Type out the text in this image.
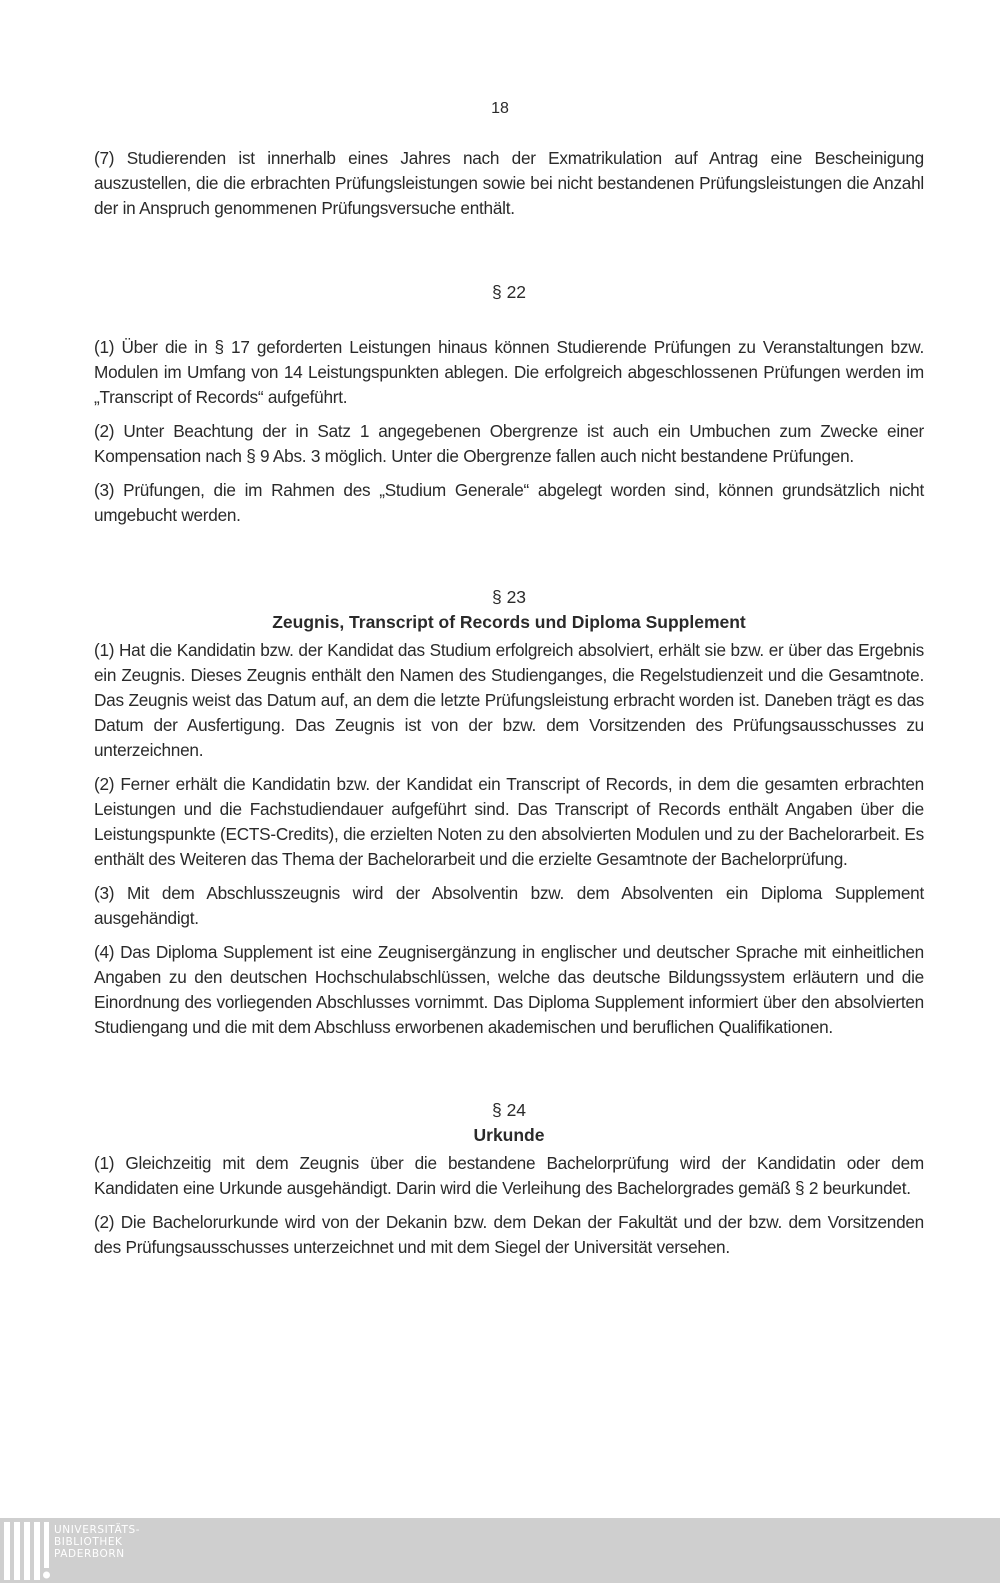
18

(7) Studierenden ist innerhalb eines Jahres nach der Exmatrikulation auf Antrag eine Bescheinigung auszustellen, die die erbrachten Prüfungsleistungen sowie bei nicht bestandenen Prüfungsleistungen die Anzahl der in Anspruch genommenen Prüfungsversuche enthält.

§ 22

(1) Über die in § 17 geforderten Leistungen hinaus können Studierende Prüfungen zu Veranstaltungen bzw. Modulen im Umfang von 14 Leistungspunkten ablegen. Die erfolgreich abgeschlossenen Prüfungen werden im „Transcript of Records“ aufgeführt.

(2) Unter Beachtung der in Satz 1 angegebenen Obergrenze ist auch ein Umbuchen zum Zwecke einer Kompensation nach § 9 Abs. 3 möglich. Unter die Obergrenze fallen auch nicht bestandene Prüfungen.

(3) Prüfungen, die im Rahmen des „Studium Generale“ abgelegt worden sind, können grundsätzlich nicht umgebucht werden.

§ 23

Zeugnis, Transcript of Records und Diploma Supplement

(1) Hat die Kandidatin bzw. der Kandidat das Studium erfolgreich absolviert, erhält sie bzw. er über das Ergebnis ein Zeugnis. Dieses Zeugnis enthält den Namen des Studienganges, die Regelstudienzeit und die Gesamtnote. Das Zeugnis weist das Datum auf, an dem die letzte Prüfungsleistung erbracht worden ist. Daneben trägt es das Datum der Ausfertigung. Das Zeugnis ist von der bzw. dem Vorsitzenden des Prüfungsausschusses zu unterzeichnen.

(2) Ferner erhält die Kandidatin bzw. der Kandidat ein Transcript of Records, in dem die gesamten erbrachten Leistungen und die Fachstudiendauer aufgeführt sind. Das Transcript of Records enthält Angaben über die Leistungspunkte (ECTS-Credits), die erzielten Noten zu den absolvierten Modulen und zu der Bachelorarbeit. Es enthält des Weiteren das Thema der Bachelorarbeit und die erzielte Gesamtnote der Bachelorprüfung.

(3) Mit dem Abschlusszeugnis wird der Absolventin bzw. dem Absolventen ein Diploma Supplement ausgehändigt.

(4) Das Diploma Supplement ist eine Zeugnisergänzung in englischer und deutscher Sprache mit einheitlichen Angaben zu den deutschen Hochschulabschlüssen, welche das deutsche Bildungssystem erläutern und die Einordnung des vorliegenden Abschlusses vornimmt. Das Diploma Supplement informiert über den absolvierten Studiengang und die mit dem Abschluss erworbenen akademischen und beruflichen Qualifikationen.

§ 24

Urkunde

(1) Gleichzeitig mit dem Zeugnis über die bestandene Bachelorprüfung wird der Kandidatin oder dem Kandidaten eine Urkunde ausgehändigt. Darin wird die Verleihung des Bachelorgrades gemäß § 2 beurkundet.

(2) Die Bachelorurkunde wird von der Dekanin bzw. dem Dekan der Fakultät und der bzw. dem Vorsitzenden des Prüfungsausschusses unterzeichnet und mit dem Siegel der Universität versehen.

UNIVERSITÄTS-
BIBLIOTHEK
PADERBORN
